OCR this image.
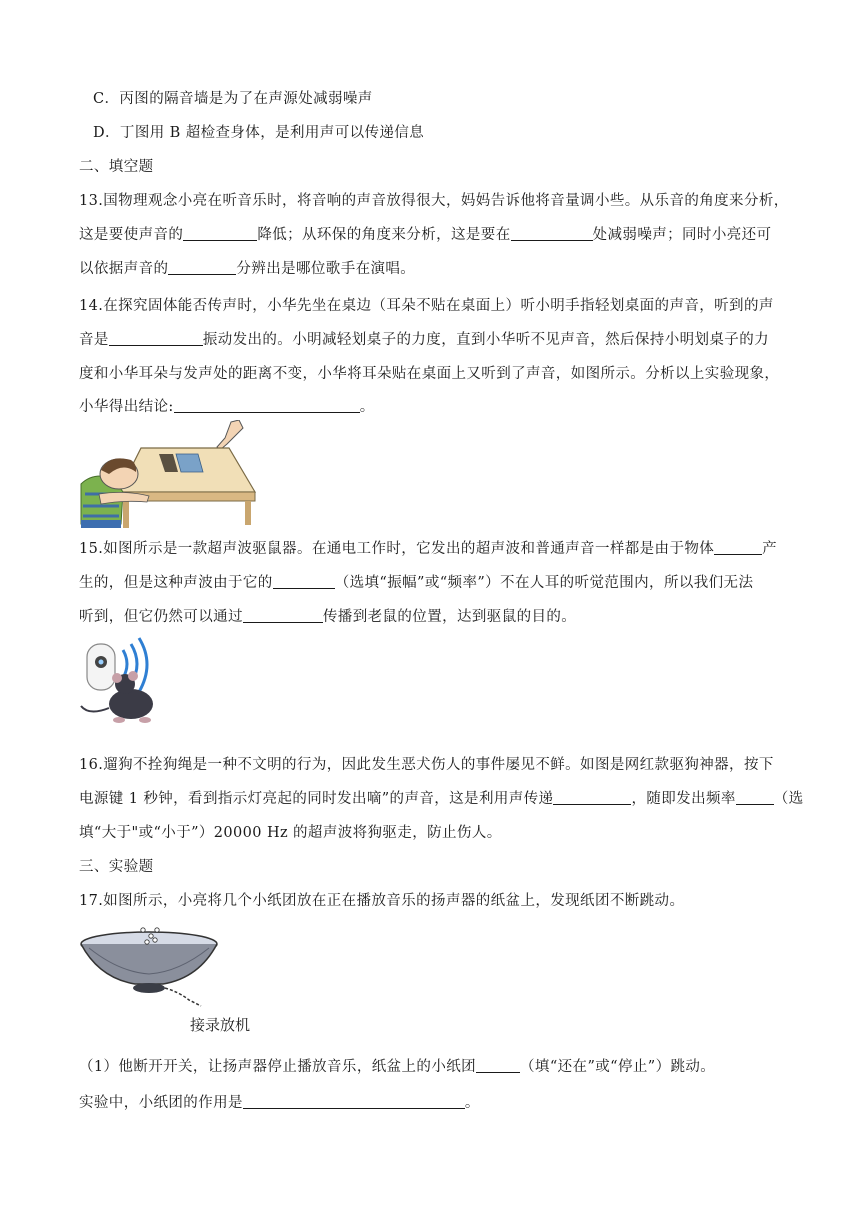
C．丙图的隔音墙是为了在声源处减弱噪声
D．丁图用 B 超检查身体，是利用声可以传递信息
二、填空题
13.国物理观念小亮在听音乐时，将音响的声音放得很大，妈妈告诉他将音量调小些。从乐音的角度来分析，
这是要使声音的	降低；从环保的角度来分析，这是要在	处减弱噪声；同时小亮还可
以依据声音的	分辨出是哪位歌手在演唱。
14.在探究固体能否传声时，小华先坐在桌边（耳朵不贴在桌面上）听小明手指轻划桌面的声音，听到的声
音是	振动发出的。小明减轻划桌子的力度，直到小华听不见声音，然后保持小明划桌子的力
度和小华耳朵与发声处的距离不变，小华将耳朵贴在桌面上又听到了声音，如图所示。分析以上实验现象，
小华得出结论:	。
15.如图所示是一款超声波驱鼠器。在通电工作时，它发出的超声波和普通声音一样都是由于物体	产
生的，但是这种声波由于它的	（选填“振幅”或“频率”）不在人耳的听觉范围内，所以我们无法
听到，但它仍然可以通过	传播到老鼠的位置，达到驱鼠的目的。
16.遛狗不拴狗绳是一种不文明的行为，因此发生恶犬伤人的事件屡见不鲜。如图是网红款驱狗神器，按下
电源键 1 秒钟，看到指示灯亮起的同时发出嘀”的声音，这是利用声传递	，随即发出频率	（选
填“大于"或“小于”）20000 Hz 的超声波将狗驱走，防止伤人。
三、实验题
17.如图所示，小亮将几个小纸团放在正在播放音乐的扬声器的纸盆上，发现纸团不断跳动。
接录放机
（1）他断开开关，让扬声器停止播放音乐，纸盆上的小纸团	（填“还在”或“停止”）跳动。
实验中，小纸团的作用是	。
